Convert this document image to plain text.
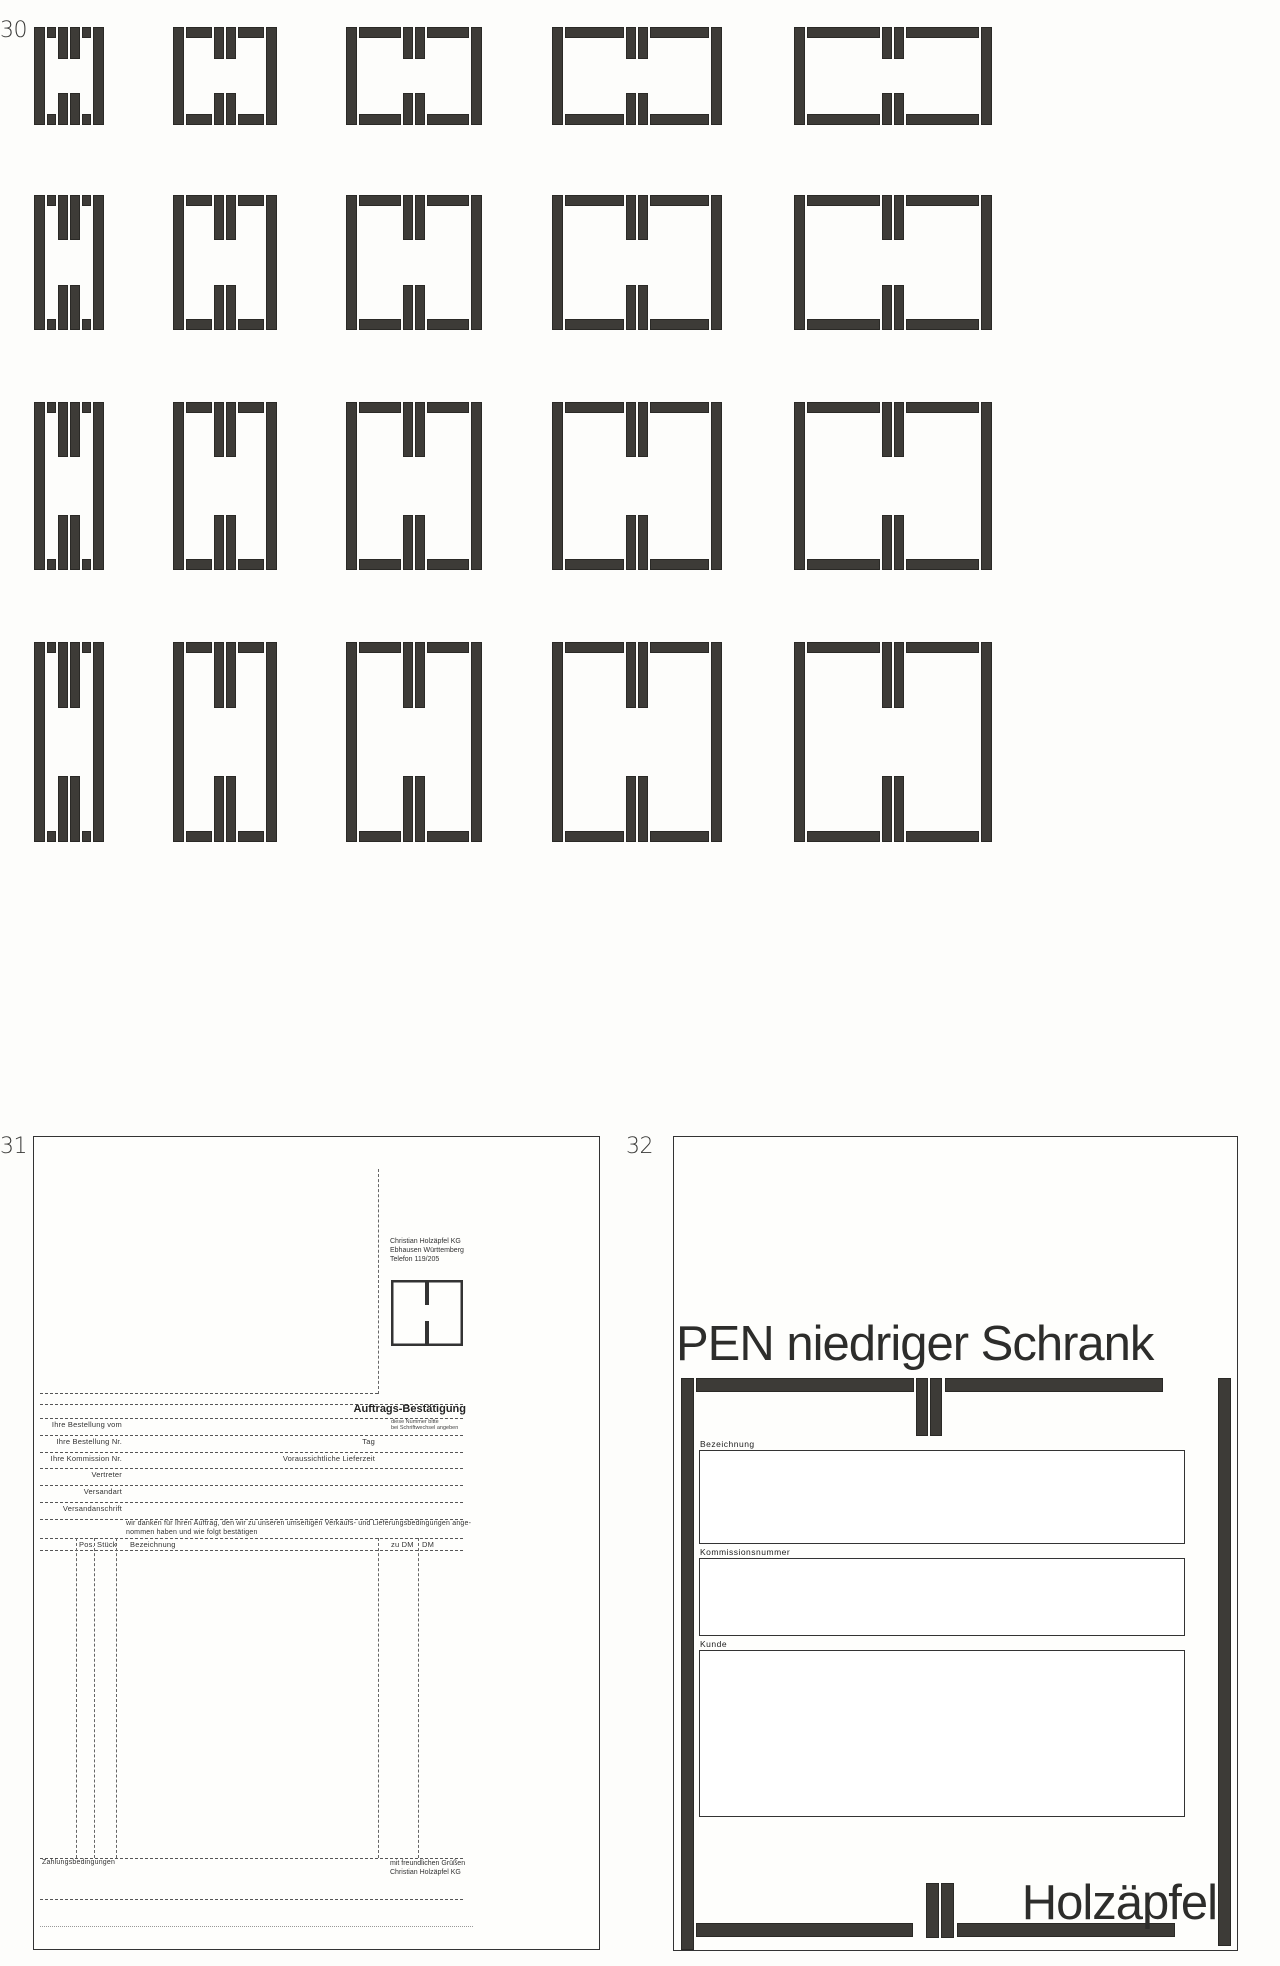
30
31	32
Christian Holzäpfel KG
Ebhausen Württemberg
Telefon 119/205
Auftrags-Bestätigung
Ihre Bestellung vom	diese Nummer bitte
bei Schriftwechsel angeben
Ihre Bestellung Nr.	Tag
Ihre Kommission Nr.	Voraussichtliche Lieferzeit
Vertreter
Versandart
Versandanschrift
wir danken für Ihren Auftrag, den wir zu unseren umseitigen Verkaufs- und Lieferungsbedingungen ange-
nommen haben und wie folgt bestätigen
Pos. Stück Bezeichnung	zu DM DM
Zahlungsbedingungen	mit freundlichen Grüßen
Christian Holzäpfel KG
PEN niedriger Schrank
Bezeichnung
Kommissionsnummer
Kunde
Holzäpfel
